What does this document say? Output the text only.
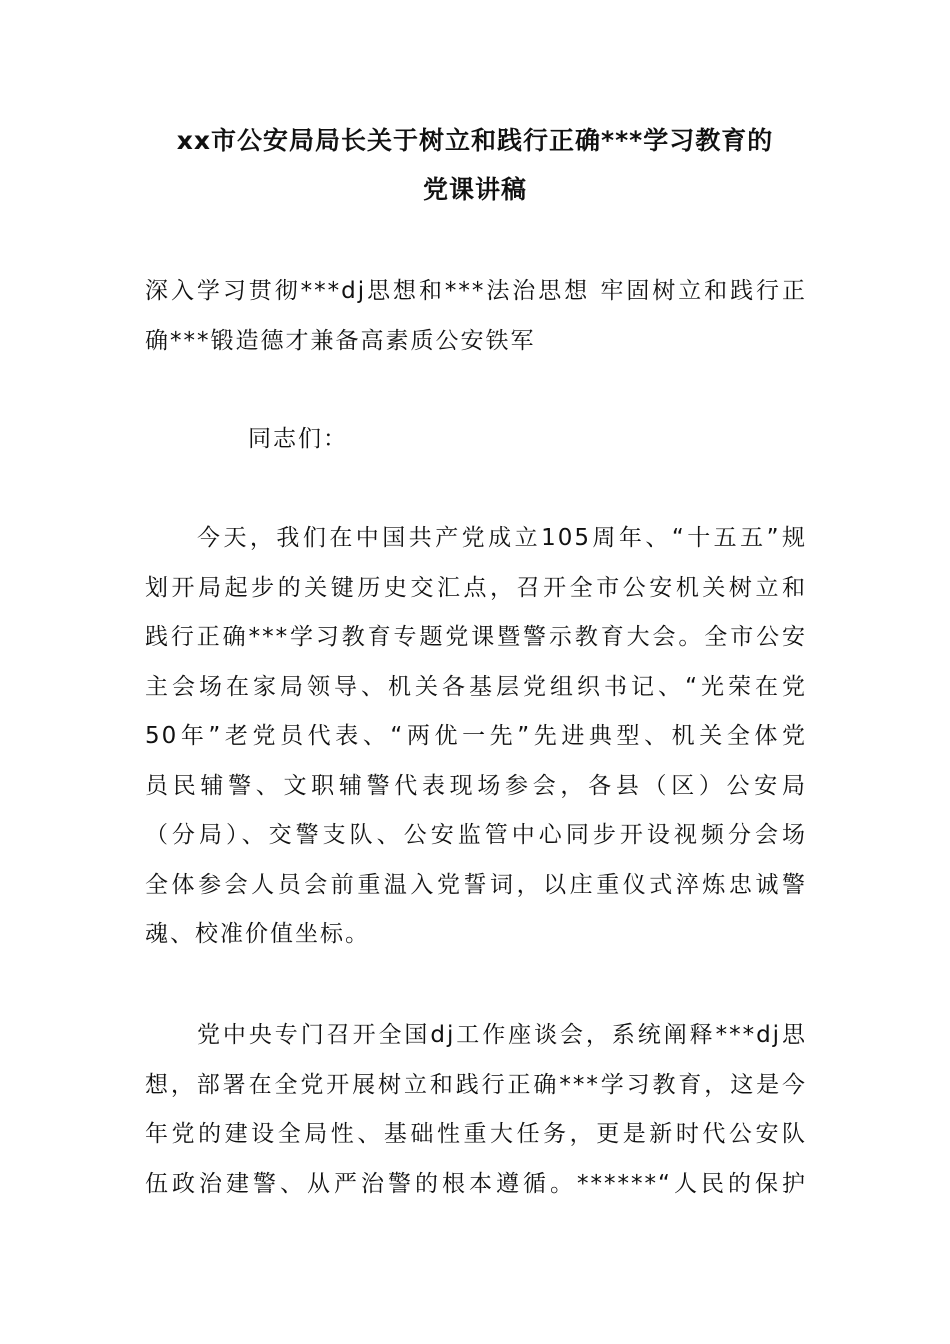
xx市公安局局长关于树立和践行正确***学习教育的
党课讲稿
深入学习贯彻***dj思想和***法治思想 牢固树立和践行正
确***锻造德才兼备高素质公安铁军
同志们：
今天，我们在中国共产党成立105周年、“十五五”规
划开局起步的关键历史交汇点，召开全市公安机关树立和
践行正确***学习教育专题党课暨警示教育大会。全市公安
主会场在家局领导、机关各基层党组织书记、“光荣在党
50年”老党员代表、“两优一先”先进典型、机关全体党
员民辅警、文职辅警代表现场参会，各县（区）公安局
（分局）、交警支队、公安监管中心同步开设视频分会场
全体参会人员会前重温入党誓词，以庄重仪式淬炼忠诚警
魂、校准价值坐标。
党中央专门召开全国dj工作座谈会，系统阐释***dj思
想，部署在全党开展树立和践行正确***学习教育，这是今
年党的建设全局性、基础性重大任务，更是新时代公安队
伍政治建警、从严治警的根本遵循。******“人民的保护
